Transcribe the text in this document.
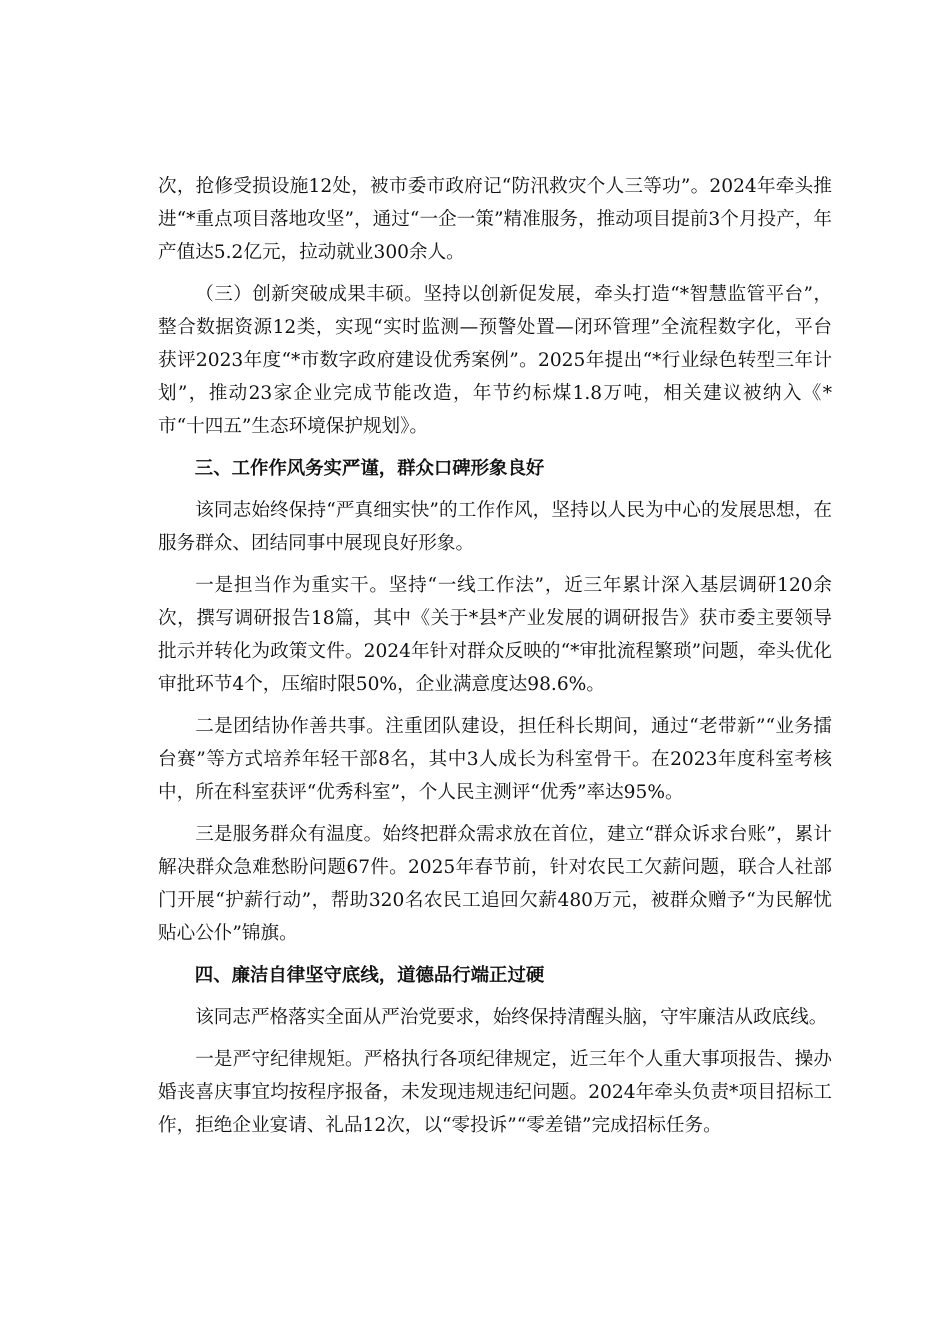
次，抢修受损设施12处，被市委市政府记“防汛救灾个人三等功”。2024年牵头推进“*重点项目落地攻坚”，通过“一企一策”精准服务，推动项目提前3个月投产，年产值达5.2亿元，拉动就业300余人。

（三）创新突破成果丰硕。坚持以创新促发展，牵头打造“*智慧监管平台”，整合数据资源12类，实现“实时监测—预警处置—闭环管理”全流程数字化，平台获评2023年度“*市数字政府建设优秀案例”。2025年提出“*行业绿色转型三年计划”，推动23家企业完成节能改造，年节约标煤1.8万吨，相关建议被纳入《*市“十四五”生态环境保护规划》。

三、工作作风务实严谨，群众口碑形象良好

该同志始终保持“严真细实快”的工作作风，坚持以人民为中心的发展思想，在服务群众、团结同事中展现良好形象。

一是担当作为重实干。坚持“一线工作法”，近三年累计深入基层调研120余次，撰写调研报告18篇，其中《关于*县*产业发展的调研报告》获市委主要领导批示并转化为政策文件。2024年针对群众反映的“*审批流程繁琐”问题，牵头优化审批环节4个，压缩时限50%，企业满意度达98.6%。

二是团结协作善共事。注重团队建设，担任科长期间，通过“老带新”“业务擂台赛”等方式培养年轻干部8名，其中3人成长为科室骨干。在2023年度科室考核中，所在科室获评“优秀科室”，个人民主测评“优秀”率达95%。

三是服务群众有温度。始终把群众需求放在首位，建立“群众诉求台账”，累计解决群众急难愁盼问题67件。2025年春节前，针对农民工欠薪问题，联合人社部门开展“护薪行动”，帮助320名农民工追回欠薪480万元，被群众赠予“为民解忧贴心公仆”锦旗。

四、廉洁自律坚守底线，道德品行端正过硬

该同志严格落实全面从严治党要求，始终保持清醒头脑，守牢廉洁从政底线。

一是严守纪律规矩。严格执行各项纪律规定，近三年个人重大事项报告、操办婚丧喜庆事宜均按程序报备，未发现违规违纪问题。2024年牵头负责*项目招标工作，拒绝企业宴请、礼品12次，以“零投诉”“零差错”完成招标任务。
